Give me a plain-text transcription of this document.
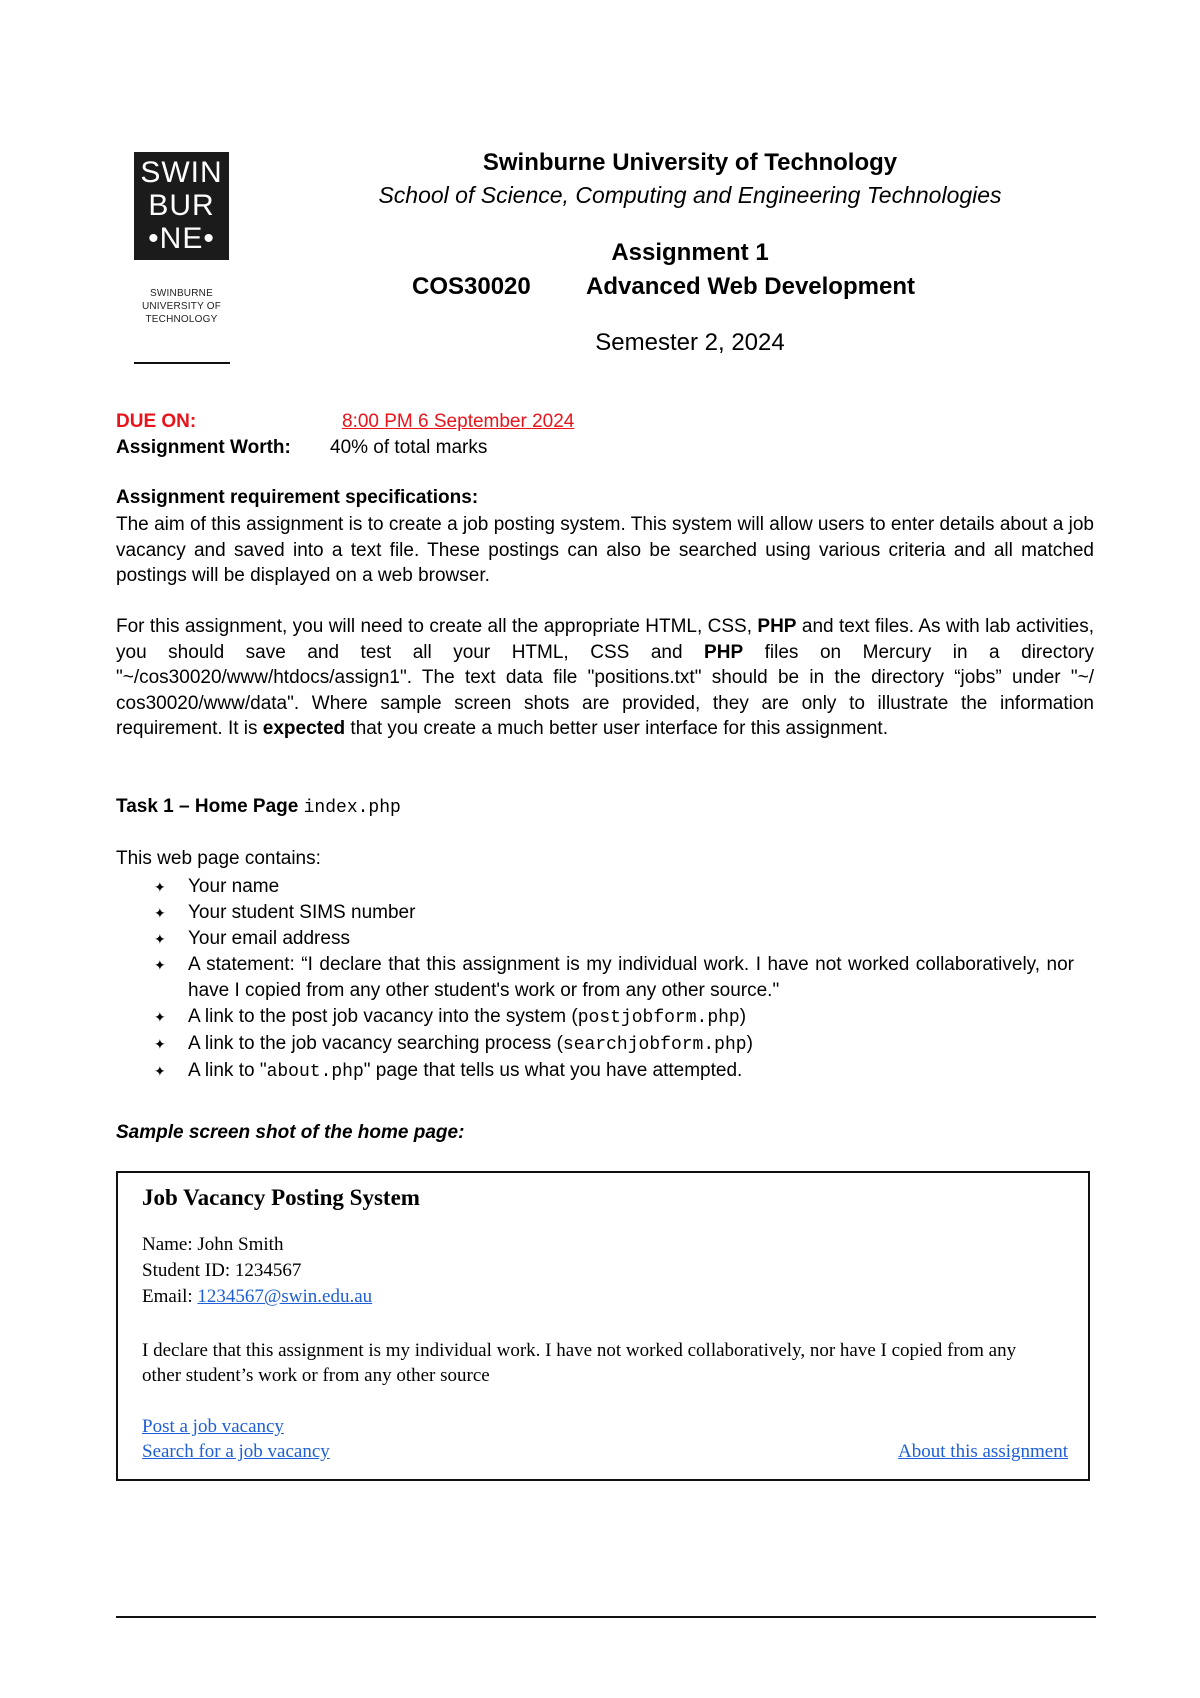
SWIN
BUR
•NE•
SWINBURNE
UNIVERSITY OF
TECHNOLOGY
Swinburne University of Technology
School of Science, Computing and Engineering Technologies
Assignment 1
COS30020 Advanced Web Development
Semester 2, 2024
DUE ON:	8:00 PM 6 September 2024
Assignment Worth: 40% of total marks
Assignment requirement specifications:
The aim of this assignment is to create a job posting system. This system will allow users to enter details about a job vacancy and saved into a text file. These postings can also be searched using various criteria and all matched postings will be displayed on a web browser.
For this assignment, you will need to create all the appropriate HTML, CSS, PHP and text files. As with lab activities, you should save and test all your HTML, CSS and PHP files on Mercury in a directory "~/cos30020/www/htdocs/assign1". The text data file "positions.txt" should be in the directory “jobs” under "~/ cos30020/www/data". Where sample screen shots are provided, they are only to illustrate the information requirement. It is expected that you create a much better user interface for this assignment.
Task 1 – Home Page index.php
This web page contains:
✦ Your name
✦ Your student SIMS number
✦ Your email address
✦ A statement: “I declare that this assignment is my individual work. I have not worked collaboratively, nor have I copied from any other student's work or from any other source."
✦ A link to the post job vacancy into the system (postjobform.php)
✦ A link to the job vacancy searching process (searchjobform.php)
✦ A link to "about.php" page that tells us what you have attempted.
Sample screen shot of the home page:
Job Vacancy Posting System
Name: John Smith
Student ID: 1234567
Email: 1234567@swin.edu.au
I declare that this assignment is my individual work. I have not worked collaboratively, nor have I copied from any other student’s work or from any other source
Post a job vacancy
Search for a job vacancy	About this assignment
